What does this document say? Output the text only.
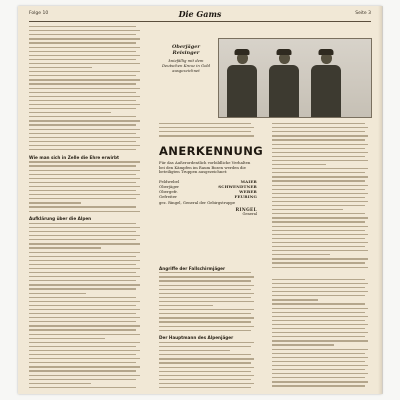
Folge 10	Die Gams	Seite 3
Wie man sich in Zelle die Ehre erwirbt
Aufklärung über die Alpen
Angriffe der Fallschirmjäger
Der Hauptmann des Alpenjäger
Oberjäger Reisinger
kniefällig mit dem Deutschen Kreuz in Gold ausgezeichnet
ANERKENNUNG
Für das Außerordentlich vorbildliche Verhalten bei den Kämpfen im Raum Bozen werden die beteiligten Truppen ausgezeichnet:
Feldwebel	MAIER
Oberjäger	SCHWENDTNER
Obergefr.	WEBER
Gefreiter	FEURING
gez. Ringel, General der Gebirgstruppe
RINGEL
General
